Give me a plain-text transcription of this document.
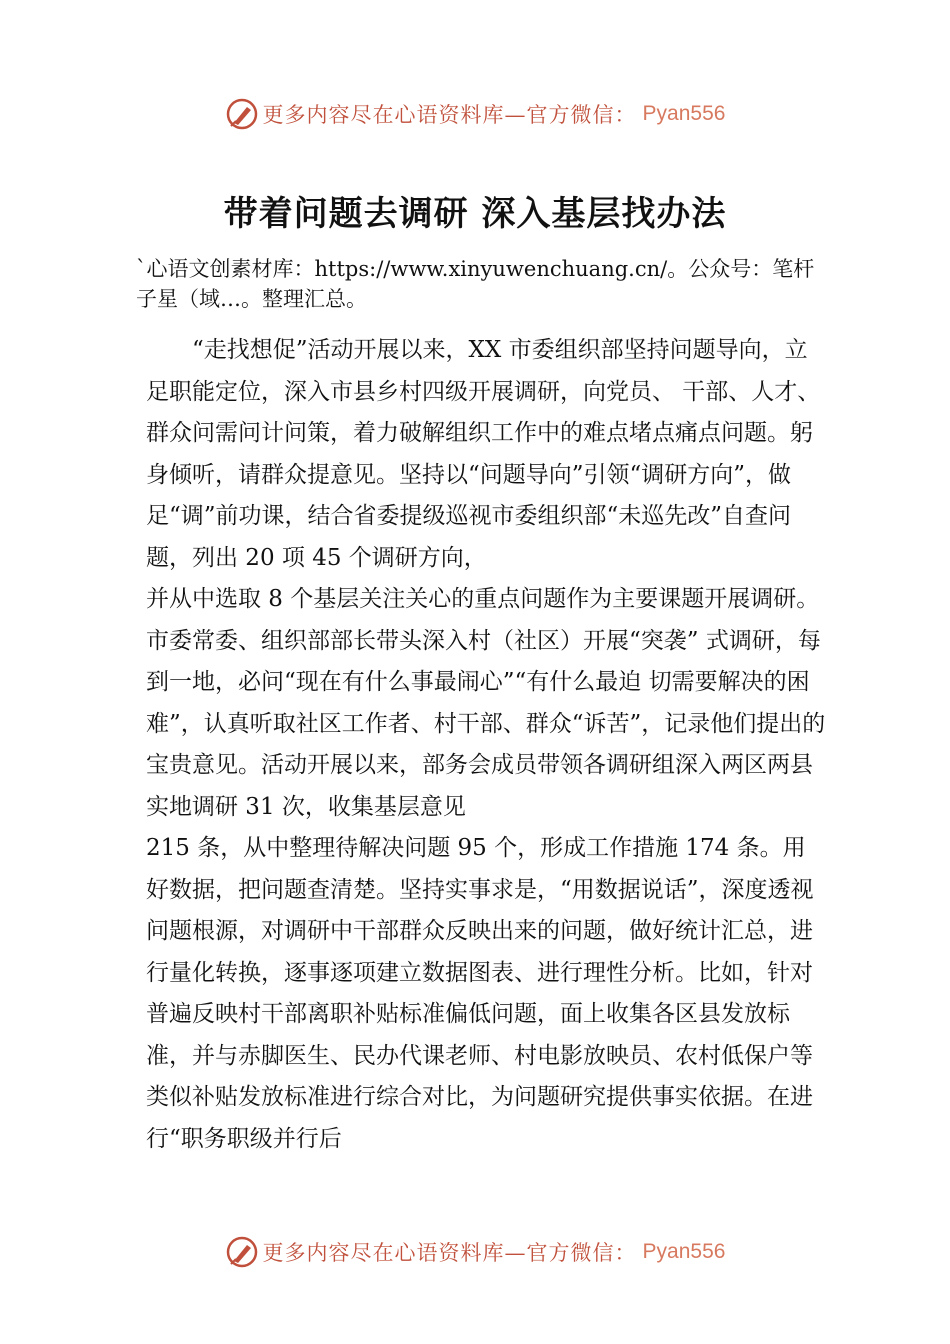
更多内容尽在心语资料库—官方微信： Pyan556
带着问题去调研 深入基层找办法
`心语文创素材库：https://www.xinyuwenchuang.cn/。公众号：笔杆子星（域…。整理汇总。

“走找想促”活动开展以来，XX 市委组织部坚持问题导向，立足职能定位，深入市县乡村四级开展调研，向党员、 干部、人才、群众问需问计问策，着力破解组织工作中的难点堵点痛点问题。躬身倾听，请群众提意见。坚持以“问题导向”引领“调研方向”，做足“调”前功课，结合省委提级巡视市委组织部“未巡先改”自查问题，列出 20 项 45 个调研方向，

并从中选取 8 个基层关注关心的重点问题作为主要课题开展调研。市委常委、组织部部长带头深入村（社区）开展“突袭” 式调研，每到一地，必问“现在有什么事最闹心”“有什么最迫 切需要解决的困难”，认真听取社区工作者、村干部、群众“诉苦”，记录他们提出的宝贵意见。活动开展以来，部务会成员带领各调研组深入两区两县实地调研 31 次，收集基层意见

215 条，从中整理待解决问题 95 个，形成工作措施 174 条。用好数据，把问题查清楚。坚持实事求是，“用数据说话”，深度透视问题根源，对调研中干部群众反映出来的问题，做好统计汇总，进行量化转换，逐事逐项建立数据图表、进行理性分析。比如，针对普遍反映村干部离职补贴标准偏低问题，面上收集各区县发放标准，并与赤脚医生、民办代课老师、村电影放映员、农村低保户等类似补贴发放标准进行综合对比，为问题研究提供事实依据。在进行“职务职级并行后

更多内容尽在心语资料库—官方微信： Pyan556
